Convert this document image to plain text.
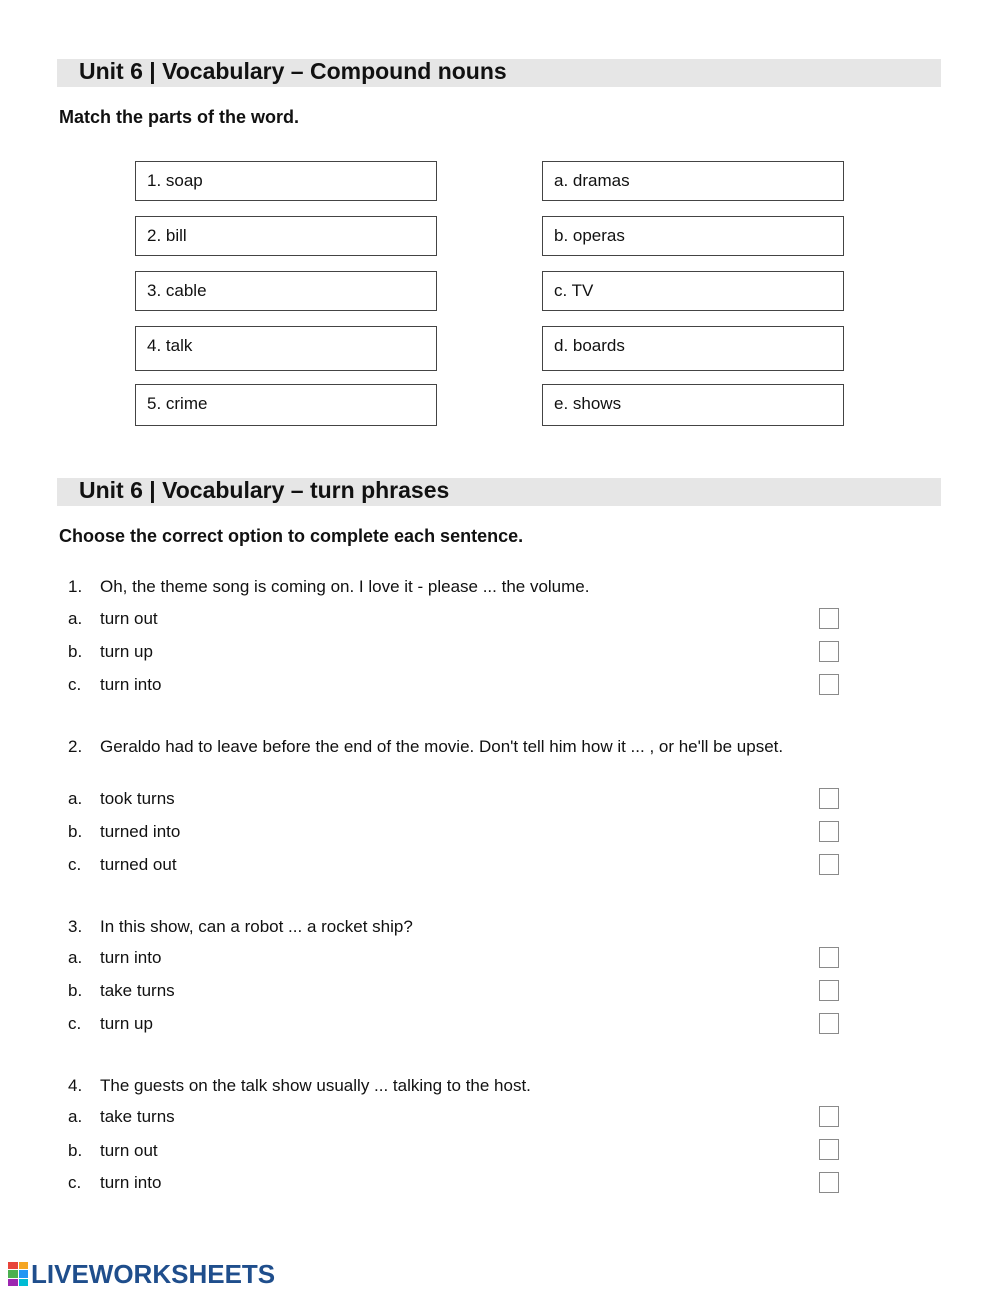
Unit 6 | Vocabulary – Compound nouns
Match the parts of the word.
1. soap
2. bill
3. cable
4. talk
5. crime
a. dramas
b. operas
c. TV
d. boards
e. shows
Unit 6 | Vocabulary – turn phrases
Choose the correct option to complete each sentence.
1. Oh, the theme song is coming on. I love it - please ... the volume.
a. turn out
b. turn up
c. turn into
2. Geraldo had to leave before the end of the movie. Don't tell him how it ... , or he'll be upset.
a. took turns
b. turned into
c. turned out
3. In this show, can a robot ... a rocket ship?
a. turn into
b. take turns
c. turn up
4. The guests on the talk show usually ... talking to the host.
a. take turns
b. turn out
c. turn into
LIVEWORKSHEETS
